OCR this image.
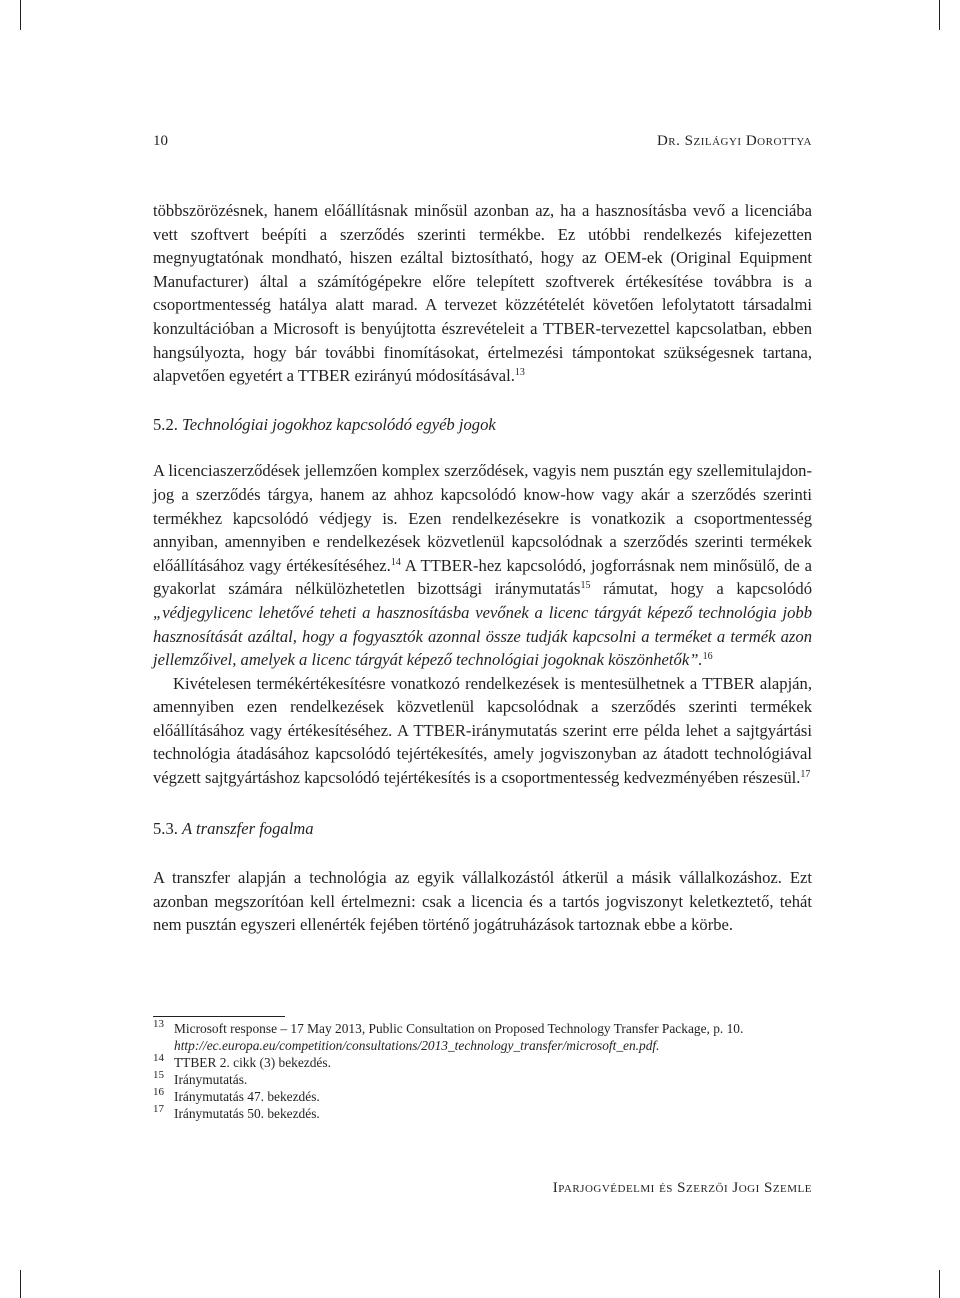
10	Dr. Szilágyi Dorottya

többszörözésnek, hanem előállításnak minősül azonban az, ha a hasznosításba vevő a licenciába vett szoftvert beépíti a szerződés szerinti termékbe. Ez utóbbi rendelkezés kifejezetten megnyugtatónak mondható, hiszen ezáltal biztosítható, hogy az OEM-ek (Original Equipment Manufacturer) által a számítógépekre előre telepített szoftverek értékesítése továbbra is a csoportmentesség hatálya alatt marad. A tervezet közzétételét követően lefolytatott társadalmi konzultációban a Microsoft is benyújtotta észrevételeit a TTBER-tervezettel kapcsolatban, ebben hangsúlyozta, hogy bár további finomításokat, értelmezési támpontokat szükségesnek tartana, alapvetően egyetért a TTBER ezirányú módosításával.$^{13}$

5.2. Technológiai jogokhoz kapcsolódó egyéb jogok

A licenciaszerződések jellemzően komplex szerződések, vagyis nem pusztán egy szellemitulajdon-jog a szerződés tárgya, hanem az ahhoz kapcsolódó know-how vagy akár a szerződés szerinti termékhez kapcsolódó védjegy is. Ezen rendelkezésekre is vonatkozik a csoportmentesség annyiban, amennyiben e rendelkezések közvetlenül kapcsolódnak a szerződés szerinti termékek előállításához vagy értékesítéséhez.$^{14}$ A TTBER-hez kapcsolódó, jogforrásnak nem minősülő, de a gyakorlat számára nélkülözhetetlen bizottsági iránymutatás$^{15}$ rámutat, hogy a kapcsolódó „védjegylicenc lehetővé teheti a hasznosításba vevőnek a licenc tárgyát képező technológia jobb hasznosítását azáltal, hogy a fogyasztók azonnal össze tudják kapcsolni a terméket a termék azon jellemzőivel, amelyek a licenc tárgyát képező technológiai jogoknak köszönhetők”.$^{16}$

Kivételesen termékértékesítésre vonatkozó rendelkezések is mentesülhetnek a TTBER alapján, amennyiben ezen rendelkezések közvetlenül kapcsolódnak a szerződés szerinti termékek előállításához vagy értékesítéséhez. A TTBER-iránymutatás szerint erre példa lehet a sajtgyártási technológia átadásához kapcsolódó tejértékesítés, amely jogviszonyban az átadott technológiával végzett sajtgyártáshoz kapcsolódó tejértékesítés is a csoportmentesség kedvezményében részesül.$^{17}$

5.3. A transzfer fogalma

A transzfer alapján a technológia az egyik vállalkozástól átkerül a másik vállalkozáshoz. Ezt azonban megszorítóan kell értelmezni: csak a licencia és a tartós jogviszonyt keletkeztető, tehát nem pusztán egyszeri ellenérték fejében történő jogátruházások tartoznak ebbe a körbe.

13 Microsoft response – 17 May 2013, Public Consultation on Proposed Technology Transfer Package, p. 10. http://ec.europa.eu/competition/consultations/2013_technology_transfer/microsoft_en.pdf.
14 TTBER 2. cikk (3) bekezdés.
15 Iránymutatás.
16 Iránymutatás 47. bekezdés.
17 Iránymutatás 50. bekezdés.
Iparjogvédelmi és Szerzői Jogi Szemle
